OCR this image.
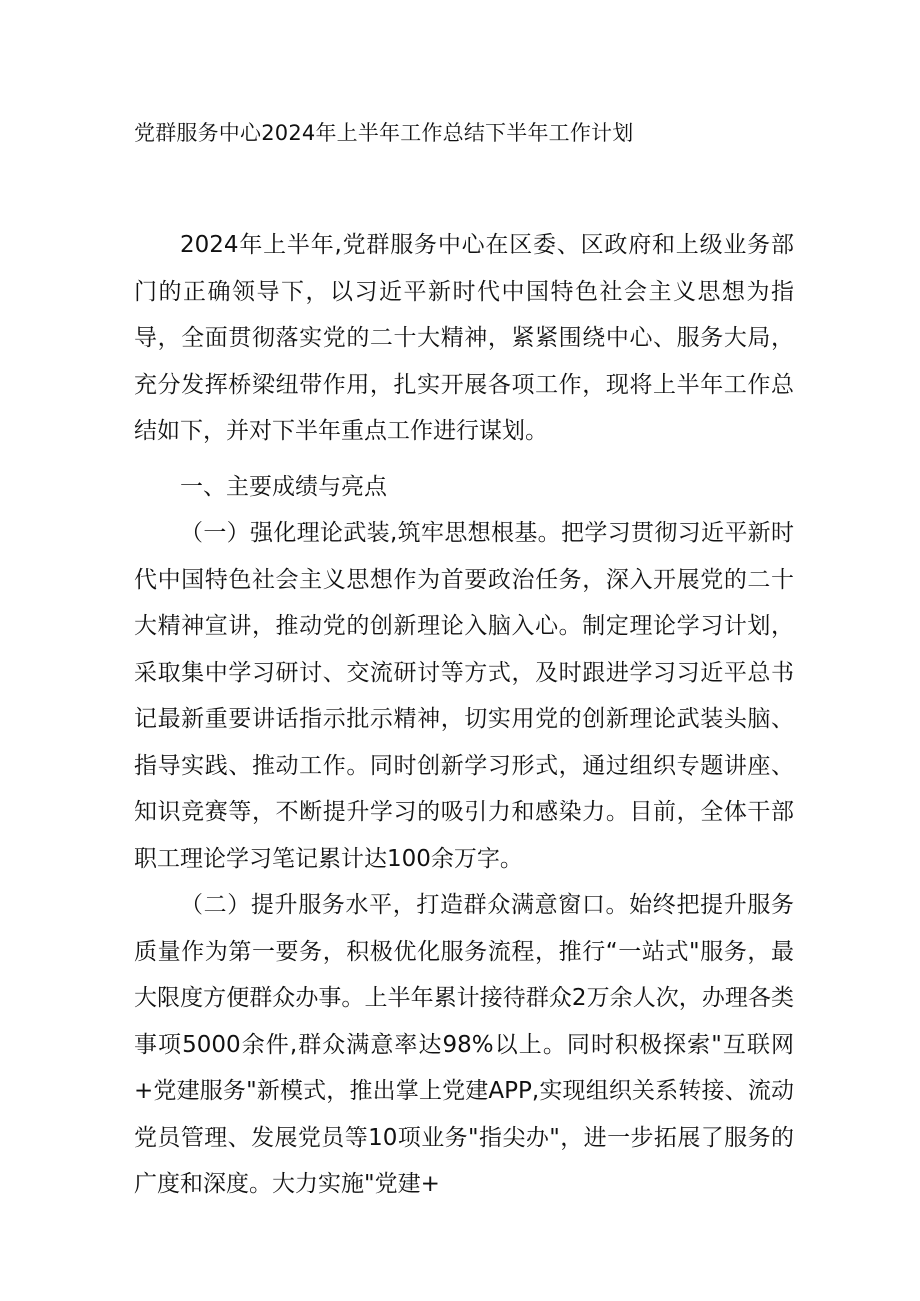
党群服务中心2024年上半年工作总结下半年工作计划

2024年上半年,党群服务中心在区委、区政府和上级业务部门的正确领导下，以习近平新时代中国特色社会主义思想为指导，全面贯彻落实党的二十大精神，紧紧围绕中心、服务大局，充分发挥桥梁纽带作用，扎实开展各项工作，现将上半年工作总结如下，并对下半年重点工作进行谋划。

一、主要成绩与亮点

（一）强化理论武装,筑牢思想根基。把学习贯彻习近平新时代中国特色社会主义思想作为首要政治任务，深入开展党的二十大精神宣讲，推动党的创新理论入脑入心。制定理论学习计划，采取集中学习研讨、交流研讨等方式，及时跟进学习习近平总书记最新重要讲话指示批示精神，切实用党的创新理论武装头脑、指导实践、推动工作。同时创新学习形式，通过组织专题讲座、知识竞赛等，不断提升学习的吸引力和感染力。目前，全体干部职工理论学习笔记累计达100余万字。

（二）提升服务水平，打造群众满意窗口。始终把提升服务质量作为第一要务，积极优化服务流程，推行“一站式"服务，最大限度方便群众办事。上半年累计接待群众2万余人次，办理各类事项5000余件,群众满意率达98%以上。同时积极探索"互联网+党建服务"新模式，推出掌上党建APP,实现组织关系转接、流动党员管理、发展党员等10项业务"指尖办"，进一步拓展了服务的广度和深度。大力实施"党建+
